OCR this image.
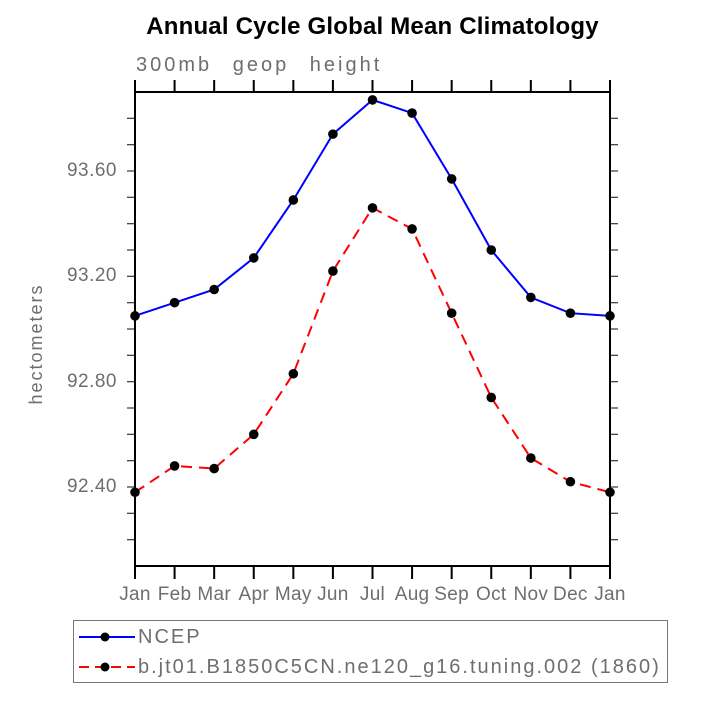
Annual Cycle Global Mean Climatology
300mb geop height
hectometers
92.40
92.80
93.20
93.60
Jan Feb Mar Apr May Jun Jul Aug Sep Oct Nov Dec Jan
NCEP
b.jt01.B1850C5CN.ne120_g16.tuning.002 (1860)
